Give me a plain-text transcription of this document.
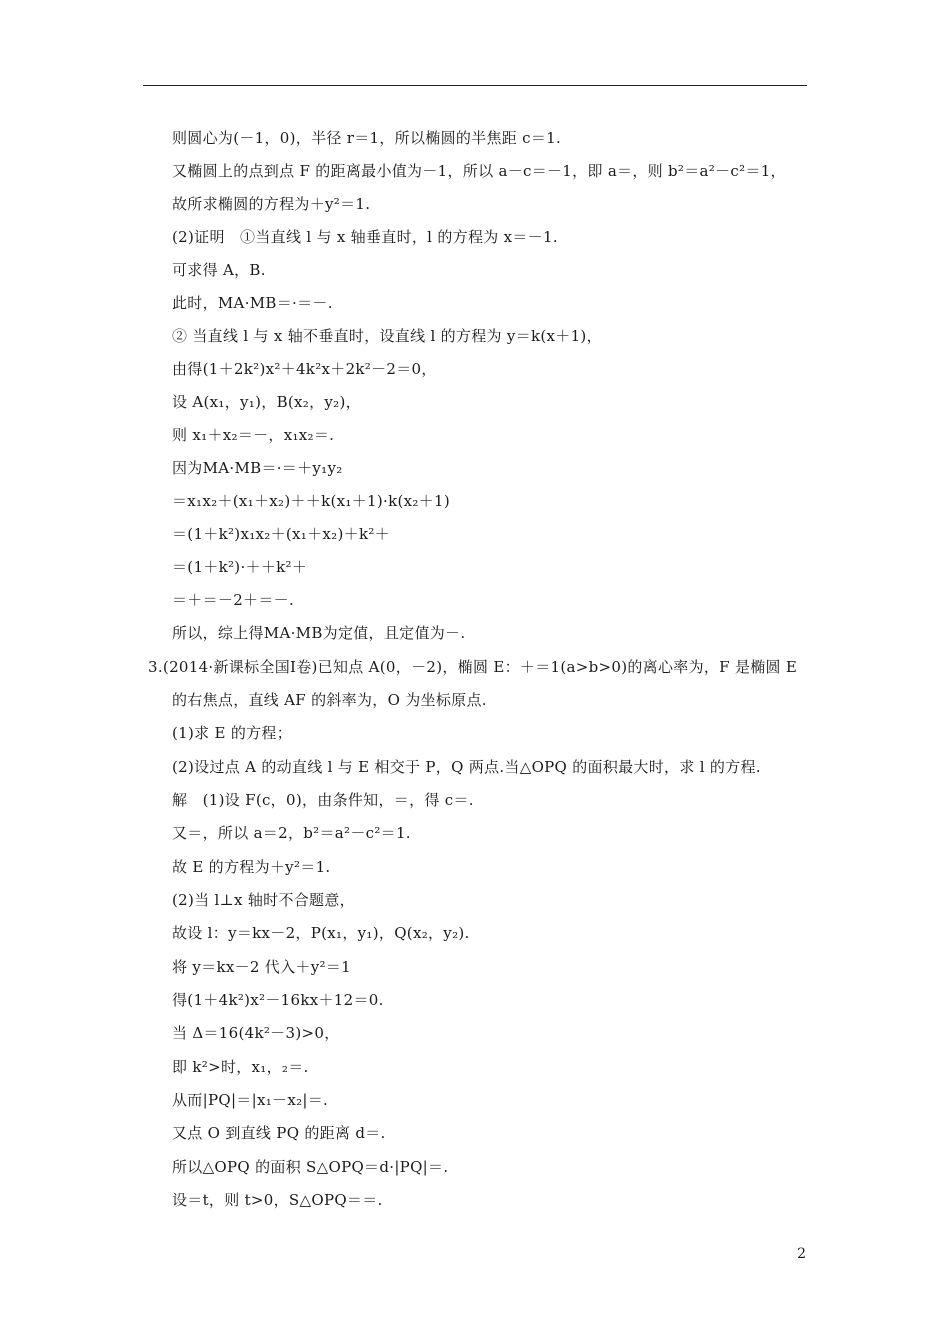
则圆心为(－1，0)，半径 r＝1，所以椭圆的半焦距 c＝1.
又椭圆上的点到点 F 的距离最小值为－1，所以 a－c＝－1，即 a＝，则 b²＝a²－c²＝1，
故所求椭圆的方程为＋y²＝1.
(2)证明　①当直线 l 与 x 轴垂直时，l 的方程为 x＝－1.
可求得 A，B.
此时，MA·MB＝·＝－.
② 当直线 l 与 x 轴不垂直时，设直线 l 的方程为 y＝k(x＋1)，
由得(1＋2k²)x²＋4k²x＋2k²－2＝0，
设 A(x₁，y₁)，B(x₂，y₂)，
则 x₁＋x₂＝－，x₁x₂＝.
因为MA·MB＝·＝＋y₁y₂
＝x₁x₂＋(x₁＋x₂)＋＋k(x₁＋1)·k(x₂＋1)
＝(1＋k²)x₁x₂＋(x₁＋x₂)＋k²＋
＝(1＋k²)·＋＋k²＋
＝＋＝－2＋＝－.
所以，综上得MA·MB为定值，且定值为－.
3.(2014·新课标全国Ⅰ卷)已知点 A(0，－2)，椭圆 E：＋＝1(a>b>0)的离心率为，F 是椭圆 E
的右焦点，直线 AF 的斜率为，O 为坐标原点.
(1)求 E 的方程；
(2)设过点 A 的动直线 l 与 E 相交于 P，Q 两点.当△OPQ 的面积最大时，求 l 的方程.
解　(1)设 F(c，0)，由条件知，＝，得 c＝.
又＝，所以 a＝2，b²＝a²－c²＝1.
故 E 的方程为＋y²＝1.
(2)当 l⊥x 轴时不合题意，
故设 l：y＝kx－2，P(x₁，y₁)，Q(x₂，y₂).
将 y＝kx－2 代入＋y²＝1
得(1＋4k²)x²－16kx＋12＝0.
当 Δ＝16(4k²－3)>0，
即 k²>时，x₁，₂＝.
从而|PQ|＝|x₁－x₂|＝.
又点 O 到直线 PQ 的距离 d＝.
所以△OPQ 的面积 S△OPQ＝d·|PQ|＝.
设＝t，则 t>0，S△OPQ＝＝.
2
